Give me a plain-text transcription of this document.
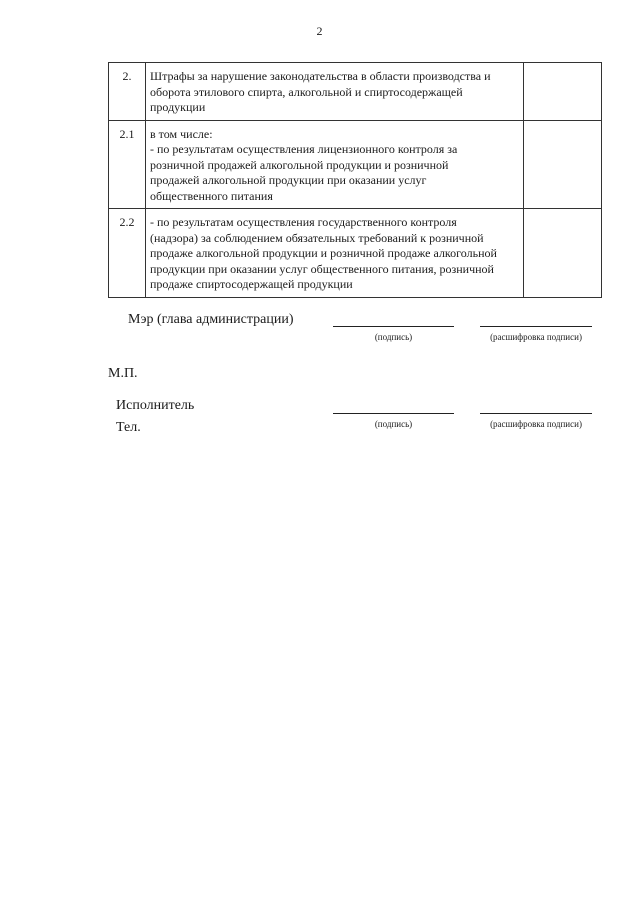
2
2.	Штрафы за нарушение законодательства в области производства и
оборота этилового спирта, алкогольной и спиртосодержащей
продукции	

2.1	в том числе:
- по результатам осуществления лицензионного контроля за
розничной продажей алкогольной продукции и розничной
продажей алкогольной продукции при оказании услуг
общественного питания	

2.2	- по результатам осуществления государственного контроля
(надзора) за соблюдением обязательных требований к розничной
продаже алкогольной продукции и розничной продаже алкогольной
продукции при оказании услуг общественного питания, розничной
продаже спиртосодержащей продукции	

Мэр (глава администрации)
(подпись)	(расшифровка подписи)
М.П.
Исполнитель
Тел.	(подпись)	(расшифровка подписи)
